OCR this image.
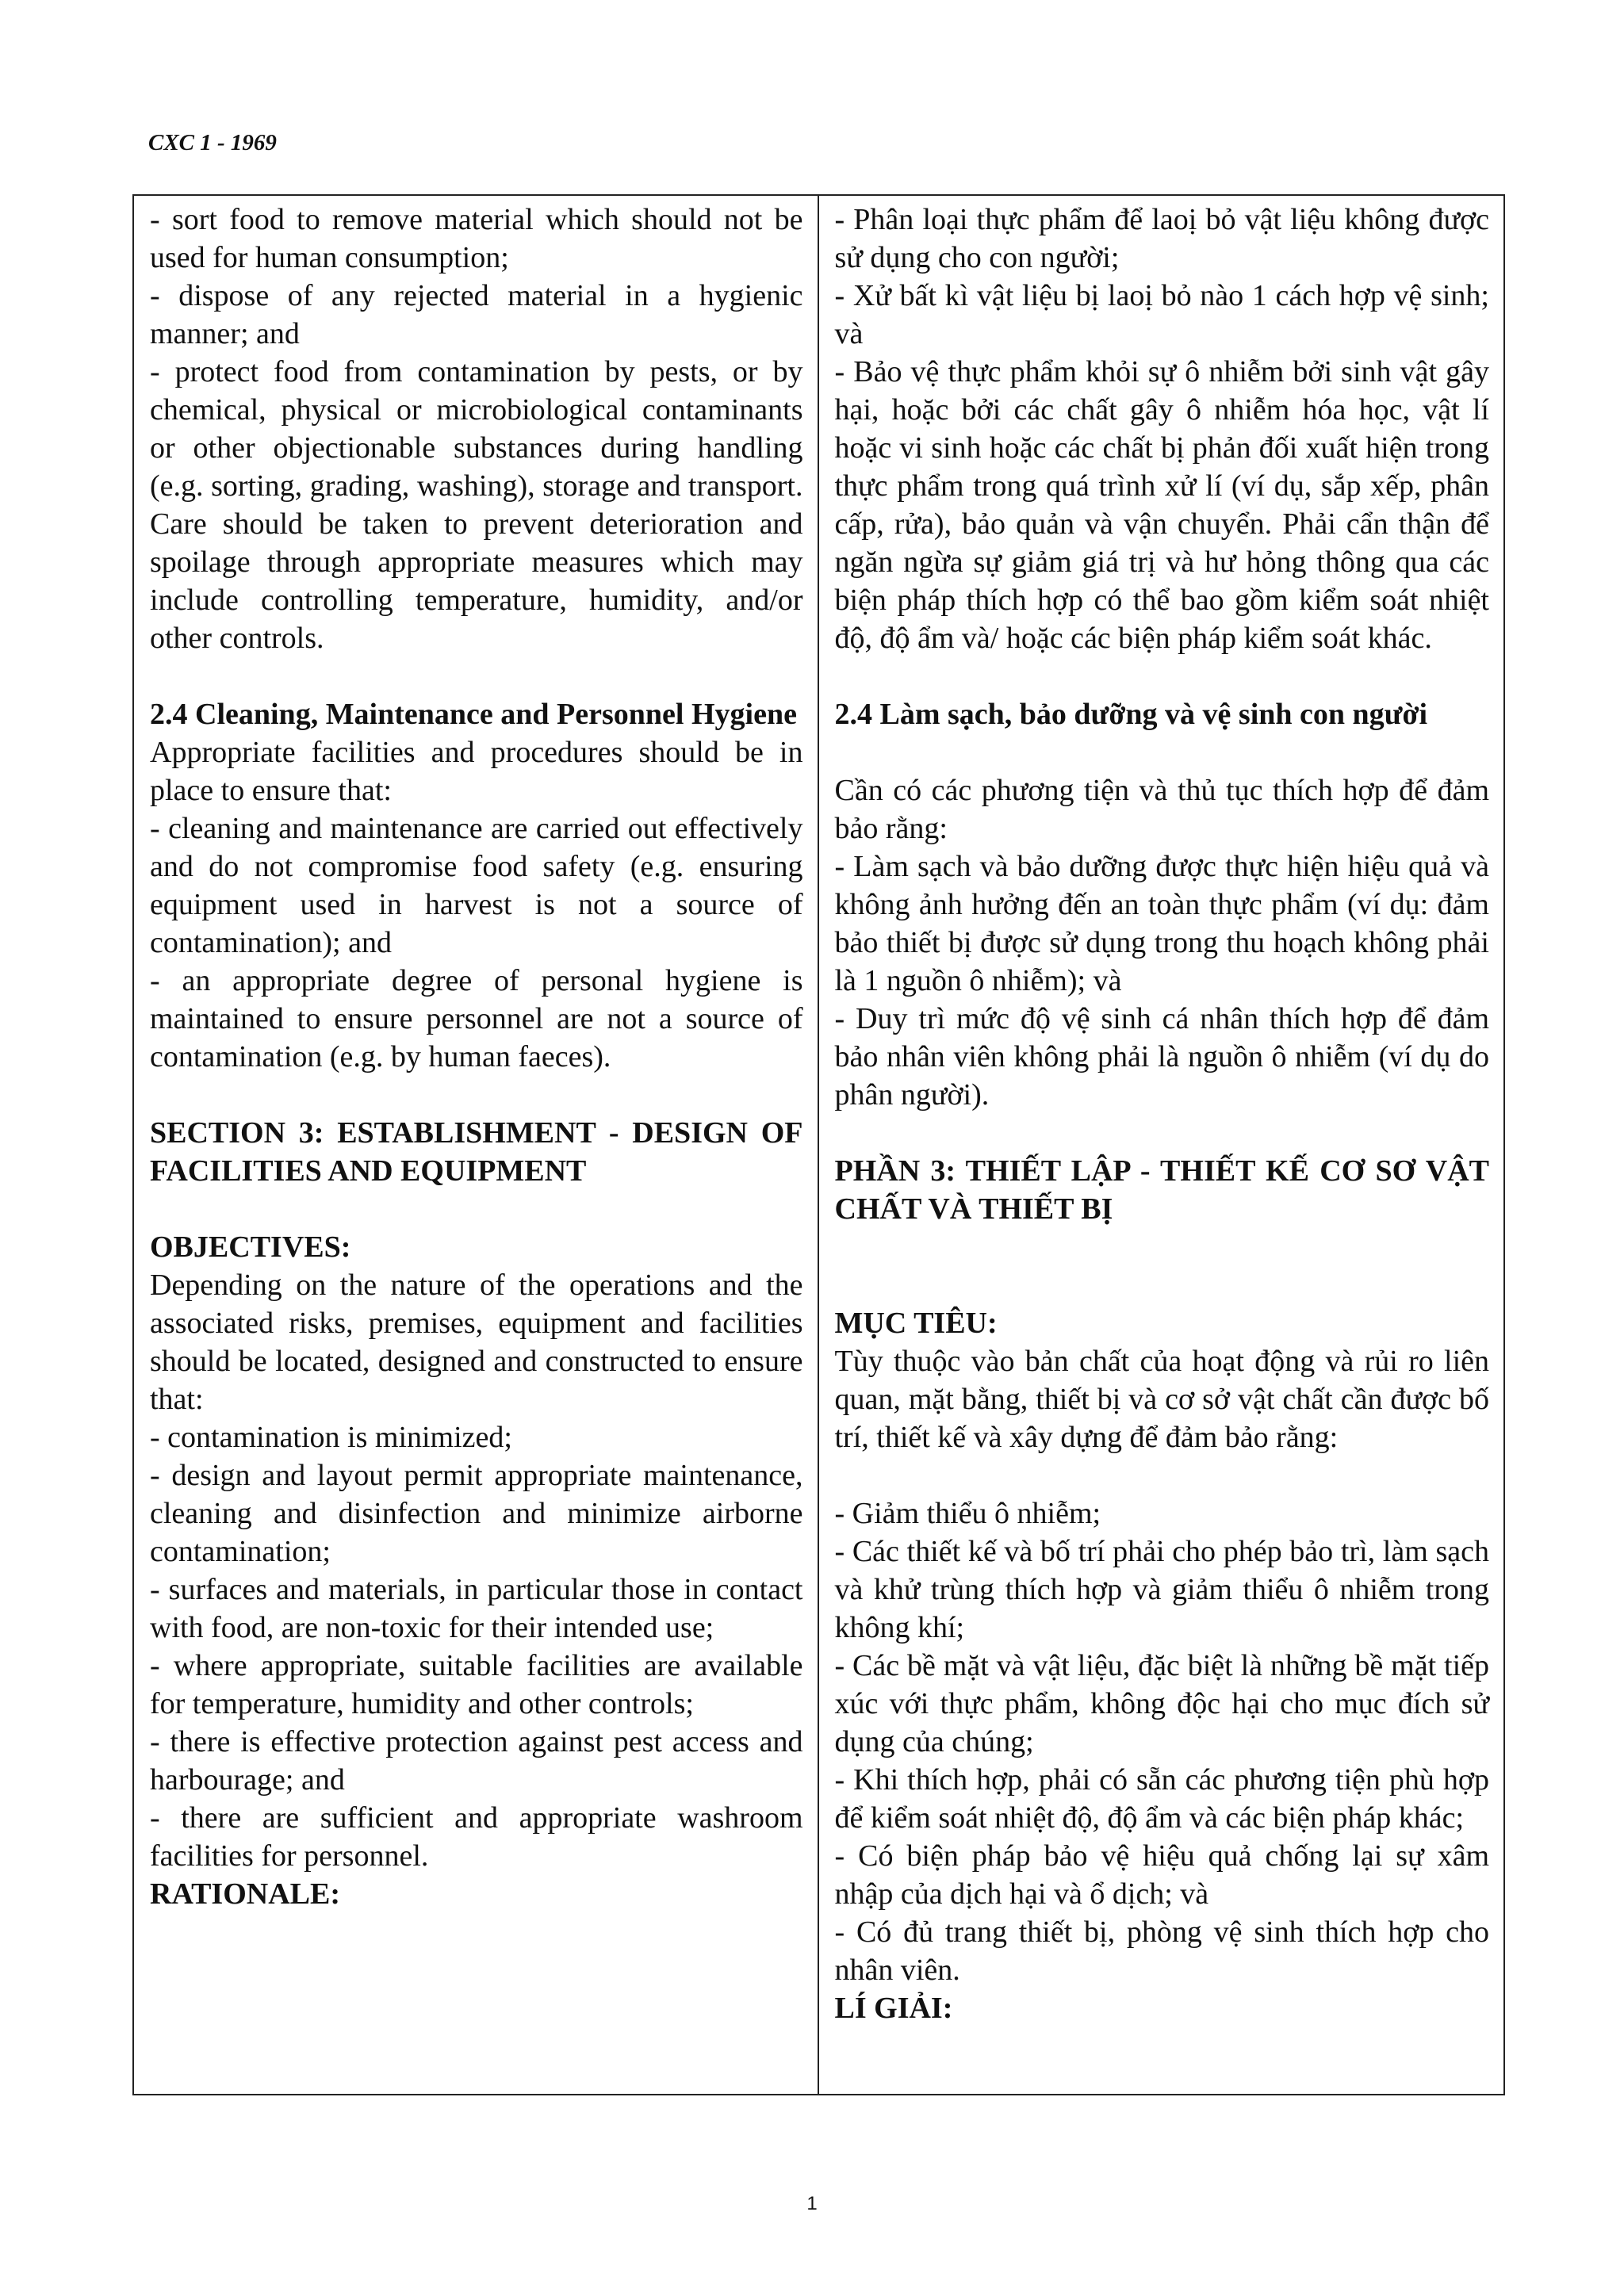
CXC 1 - 1969

- sort food to remove material which should not be used for human consumption;

- dispose of any rejected material in a hygienic manner; and

- protect food from contamination by pests, or by chemical, physical or microbiological contaminants or other objectionable substances during handling (e.g. sorting, grading, washing), storage and transport. Care should be taken to prevent deterioration and spoilage through appropriate measures which may include controlling temperature, humidity, and/or other controls.

2.4 Cleaning, Maintenance and Personnel Hygiene

Appropriate facilities and procedures should be in place to ensure that:

- cleaning and maintenance are carried out effectively and do not compromise food safety (e.g. ensuring equipment used in harvest is not a source of contamination); and

- an appropriate degree of personal hygiene is maintained to ensure personnel are not a source of contamination (e.g. by human faeces).

SECTION 3: ESTABLISHMENT - DESIGN OF FACILITIES AND EQUIPMENT

OBJECTIVES:

Depending on the nature of the operations and the associated risks, premises, equipment and facilities should be located, designed and constructed to ensure that:

- contamination is minimized;

- design and layout permit appropriate maintenance, cleaning and disinfection and minimize airborne contamination;

- surfaces and materials, in particular those in contact with food, are non-toxic for their intended use;

- where appropriate, suitable facilities are available for temperature, humidity and other controls;

- there is effective protection against pest access and harbourage; and

- there are sufficient and appropriate washroom facilities for personnel.

RATIONALE:

- Phân loại thực phẩm để laoị bỏ vật liệu không được sử dụng cho con người;

- Xử bất kì vật liệu bị laoị bỏ nào 1 cách hợp vệ sinh; và

- Bảo vệ thực phẩm khỏi sự ô nhiễm bởi sinh vật gây hại, hoặc bởi các chất gây ô nhiễm hóa học, vật lí hoặc vi sinh hoặc các chất bị phản đối xuất hiện trong thực phẩm trong quá trình xử lí (ví dụ, sắp xếp, phân cấp, rửa), bảo quản và vận chuyển. Phải cẩn thận để ngăn ngừa sự giảm giá trị và hư hỏng thông qua các biện pháp thích hợp có thể bao gồm kiểm soát nhiệt độ, độ ẩm và/ hoặc các biện pháp kiểm soát khác.

2.4 Làm sạch, bảo dưỡng và vệ sinh con người

Cần có các phương tiện và thủ tục thích hợp để đảm bảo rằng:

- Làm sạch và bảo dưỡng được thực hiện hiệu quả và không ảnh hưởng đến an toàn thực phẩm (ví dụ: đảm bảo thiết bị được sử dụng trong thu hoạch không phải là 1 nguồn ô nhiễm); và

- Duy trì mức độ vệ sinh cá nhân thích hợp để đảm bảo nhân viên không phải là nguồn ô nhiễm (ví dụ do phân người).

PHẦN 3: THIẾT LẬP - THIẾT KẾ CƠ SƠ VẬT CHẤT VÀ THIẾT BỊ

MỤC TIÊU:

Tùy thuộc vào bản chất của hoạt động và rủi ro liên quan, mặt bằng, thiết bị và cơ sở vật chất cần được bố trí, thiết kế và xây dựng để đảm bảo rằng:

- Giảm thiểu ô nhiễm;

- Các thiết kế và bố trí phải cho phép bảo trì, làm sạch và khử trùng thích hợp và giảm thiểu ô nhiễm trong không khí;

- Các bề mặt và vật liệu, đặc biệt là những bề mặt tiếp xúc với thực phẩm, không độc hại cho mục đích sử dụng của chúng;

- Khi thích hợp, phải có sẵn các phương tiện phù hợp để kiểm soát nhiệt độ, độ ẩm và các biện pháp khác;

- Có biện pháp bảo vệ hiệu quả chống lại sự xâm nhập của dịch hại và ổ dịch; và

- Có đủ trang thiết bị, phòng vệ sinh thích hợp cho nhân viên.

LÍ GIẢI:

1
